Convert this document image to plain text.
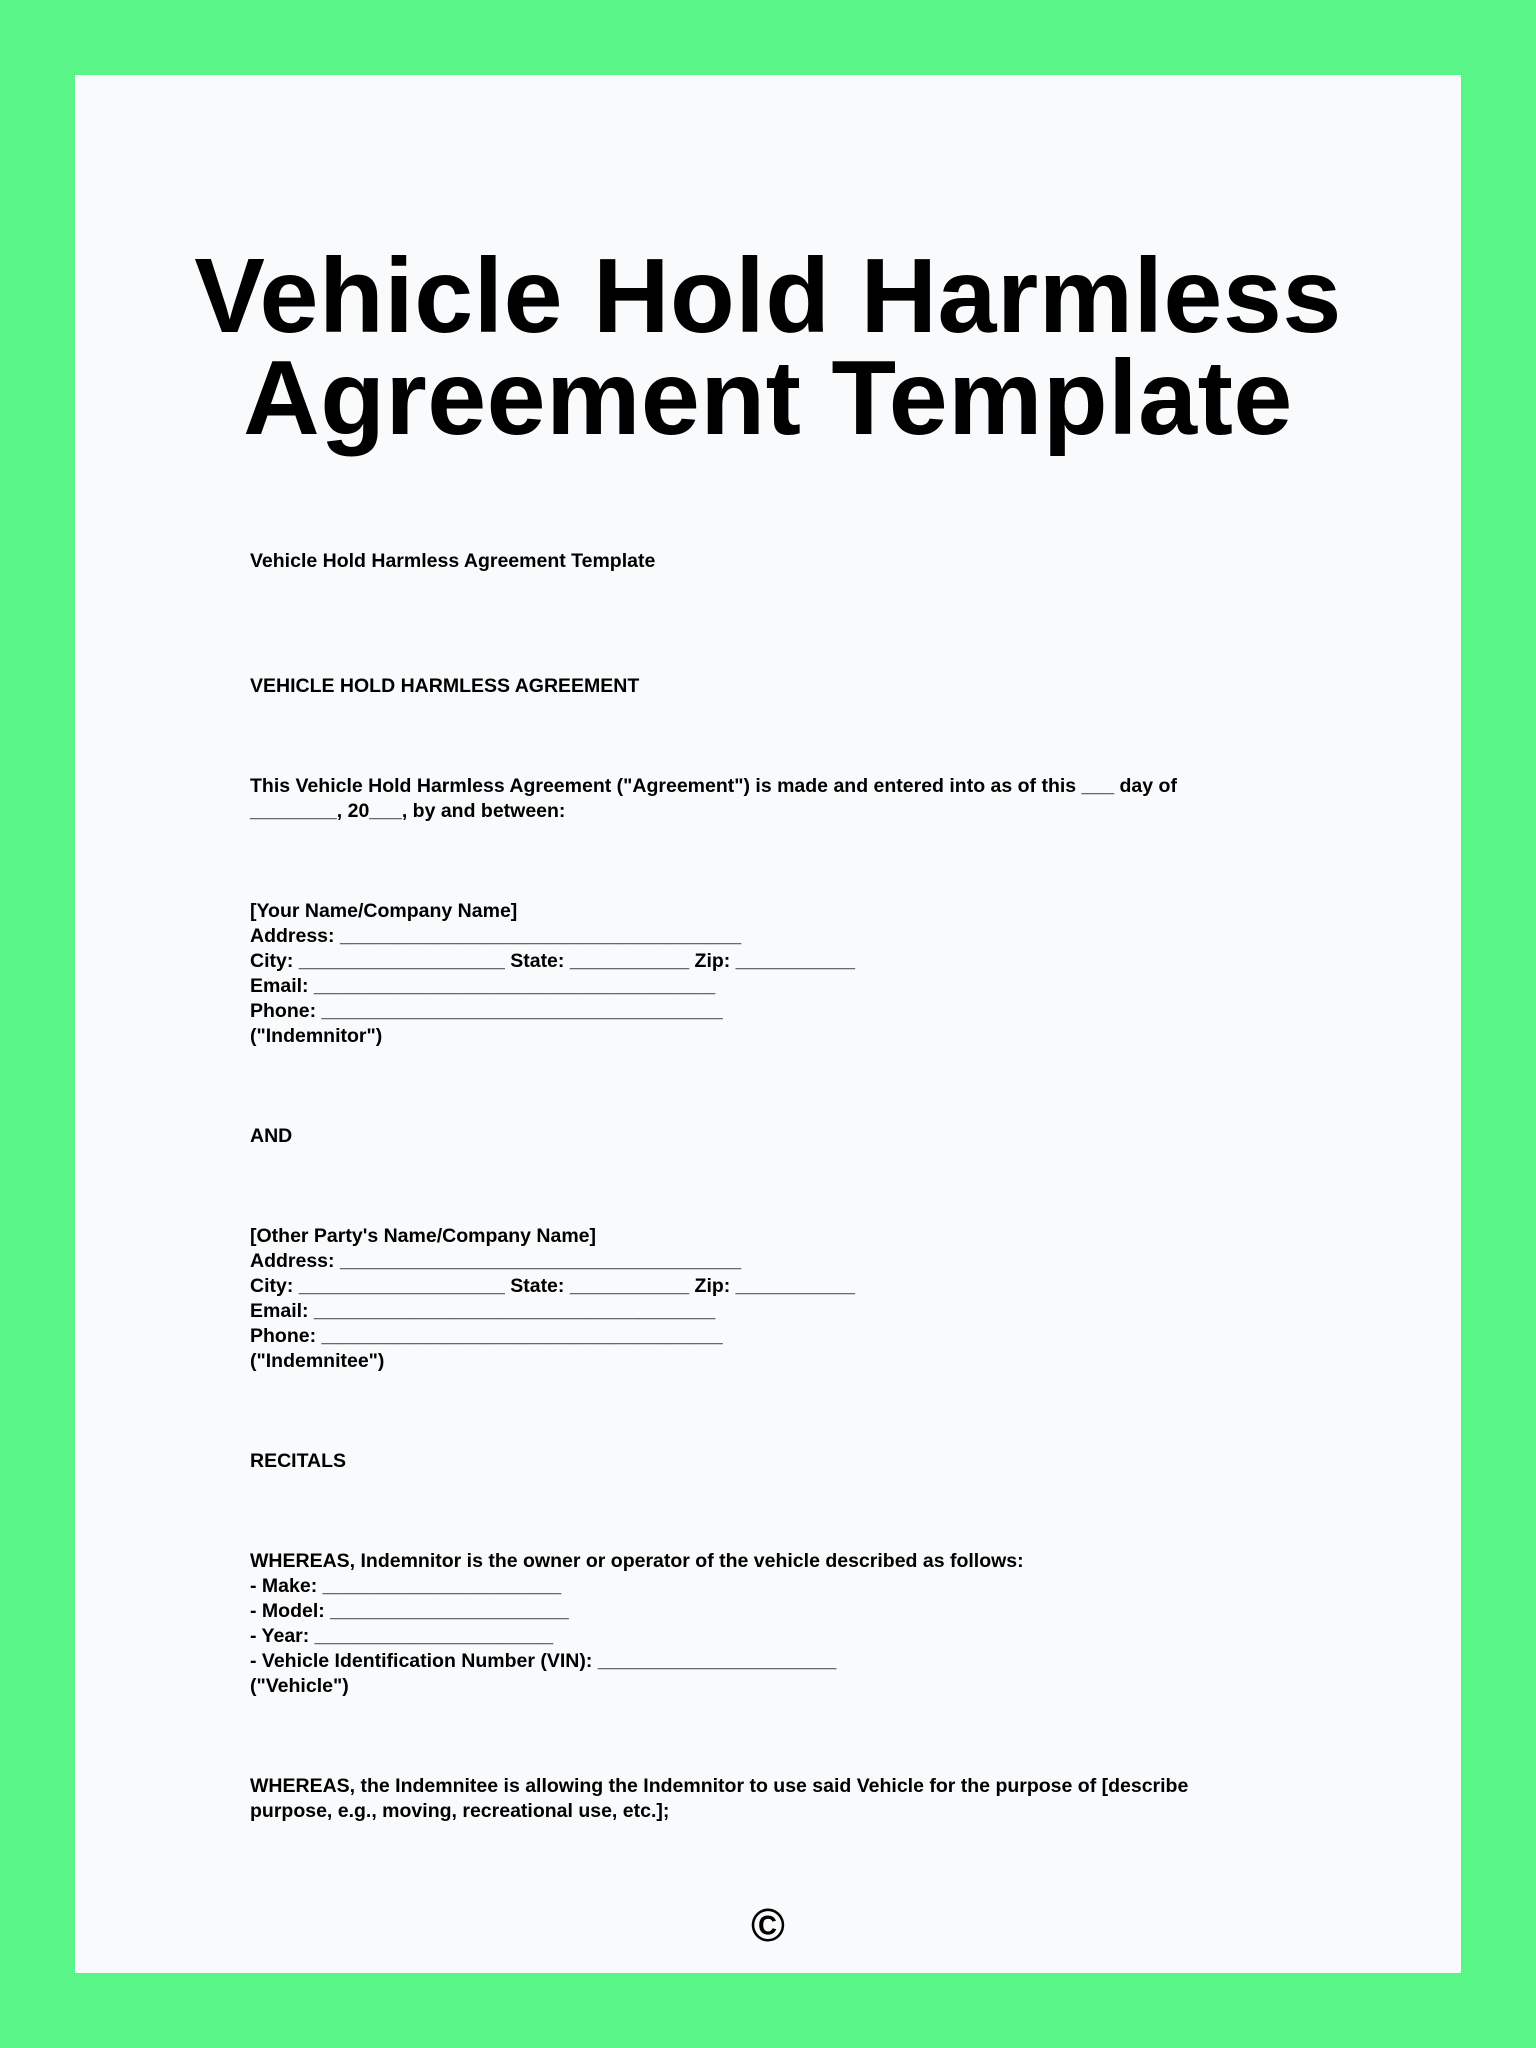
Vehicle Hold Harmless
Agreement Template
Vehicle Hold Harmless Agreement Template
VEHICLE HOLD HARMLESS AGREEMENT
This Vehicle Hold Harmless Agreement ("Agreement") is made and entered into as of this ___ day of
________, 20___, by and between:
[Your Name/Company Name]
Address: _____________________________________
City: ___________________ State: ___________ Zip: ___________
Email: _____________________________________
Phone: _____________________________________
("Indemnitor")
AND
[Other Party's Name/Company Name]
Address: _____________________________________
City: ___________________ State: ___________ Zip: ___________
Email: _____________________________________
Phone: _____________________________________
("Indemnitee")
RECITALS
WHEREAS, Indemnitor is the owner or operator of the vehicle described as follows:
- Make: ______________________
- Model: ______________________
- Year: ______________________
- Vehicle Identification Number (VIN): ______________________
("Vehicle")
WHEREAS, the Indemnitee is allowing the Indemnitor to use said Vehicle for the purpose of [describe
purpose, e.g., moving, recreational use, etc.];
©
